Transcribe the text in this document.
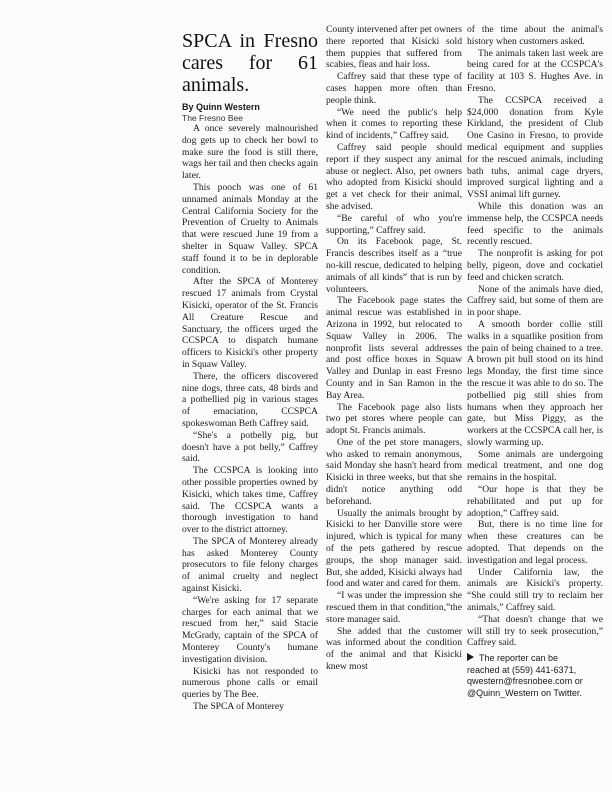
SPCA in Fresno cares for 61 animals.

By Quinn Western

The Fresno Bee

A once severely malnourished dog gets up to check her bowl to make sure the food is still there, wags her tail and then checks again later.

This pooch was one of 61 unnamed animals Monday at the Central California Society for the Prevention of Cruelty to Animals that were rescued June 19 from a shelter in Squaw Valley. SPCA staff found it to be in deplorable condition.

After the SPCA of Monterey rescued 17 animals from Crystal Kisicki, operator of the St. Francis All Creature Rescue and Sanctuary, the officers urged the CCSPCA to dispatch humane officers to Kisicki's other property in Squaw Valley.

There, the officers discovered nine dogs, three cats, 48 birds and a potbellied pig in various stages of emaciation, CCSPCA spokeswoman Beth Caffrey said.

“She's a potbelly pig, but doesn't have a pot belly,” Caffrey said.

The CCSPCA is looking into other possible properties owned by Kisicki, which takes time, Caffrey said. The CCSPCA wants a thorough investigation to hand over to the district attorney.

The SPCA of Monterey already has asked Monterey County prosecutors to file felony charges of animal cruelty and neglect against Kisicki.

“We're asking for 17 separate charges for each animal that we rescued from her,” said Stacie McGrady, captain of the SPCA of Monterey County's humane investigation division.

Kisicki has not responded to numerous phone calls or email queries by The Bee.

The SPCA of Monterey

County intervened after pet owners there reported that Kisicki sold them puppies that suffered from scabies, fleas and hair loss.

Caffrey said that these type of cases happen more often than people think.

“We need the public's help when it comes to reporting these kind of incidents,” Caffrey said.

Caffrey said people should report if they suspect any animal abuse or neglect. Also, pet owners who adopted from Kisicki should get a vet check for their animal, she advised.

“Be careful of who you're supporting,” Caffrey said.

On its Facebook page, St. Francis describes itself as a “true no-kill rescue, dedicated to helping animals of all kinds” that is run by volunteers.

The Facebook page states the animal rescue was established in Arizona in 1992, but relocated to Squaw Valley in 2006. The nonprofit lists several addresses and post office boxes in Squaw Valley and Dunlap in east Fresno County and in San Ramon in the Bay Area.

The Facebook page also lists two pet stores where people can adopt St. Francis animals.

One of the pet store managers, who asked to remain anonymous, said Monday she hasn't heard from Kisicki in three weeks, but that she didn't notice anything odd beforehand.

Usually the animals brought by Kisicki to her Danville store were injured, which is typical for many of the pets gathered by rescue groups, the shop manager said. But, she added, Kisicki always had food and water and cared for them.

“I was under the impression she rescued them in that condition,”the store manager said.

She added that the customer was informed about the condition of the animal and that Kisicki knew most

of the time about the animal's history when customers asked.

The animals taken last week are being cared for at the CCSPCA's facility at 103 S. Hughes Ave. in Fresno.

The CCSPCA received a $24,000 donation from Kyle Kirkland, the president of Club One Casino in Fresno, to provide medical equipment and supplies for the rescued animals, including bath tubs, animal cage dryers, improved surgical lighting and a VSSI animal lift gurney.

While this donation was an immense help, the CCSPCA needs feed specific to the animals recently rescued.

The nonprofit is asking for pot belly, pigeon, dove and cockatiel feed and chicken scratch.

None of the animals have died, Caffrey said, but some of them are in poor shape.

A smooth border collie still walks in a squatlike position from the pain of being chained to a tree. A brown pit bull stood on its hind legs Monday, the first time since the rescue it was able to do so. The potbellied pig still shies from humans when they approach her gate, but Miss Piggy, as the workers at the CCSPCA call her, is slowly warming up.

Some animals are undergoing medical treatment, and one dog remains in the hospital.

“Our hope is that they be rehabilitated and put up for adoption,” Caffrey said.

But, there is no time line for when these creatures can be adopted. That depends on the investigation and legal process.

Under California law, the animals are Kisicki's property. “She could still try to reclaim her animals,” Caffrey said.

“That doesn't change that we will still try to seek prosecution,” Caffrey said.

The reporter can be

reached at (559) 441-6371,

qwestern@fresnobee.com or

@Quinn_Western on Twitter.
